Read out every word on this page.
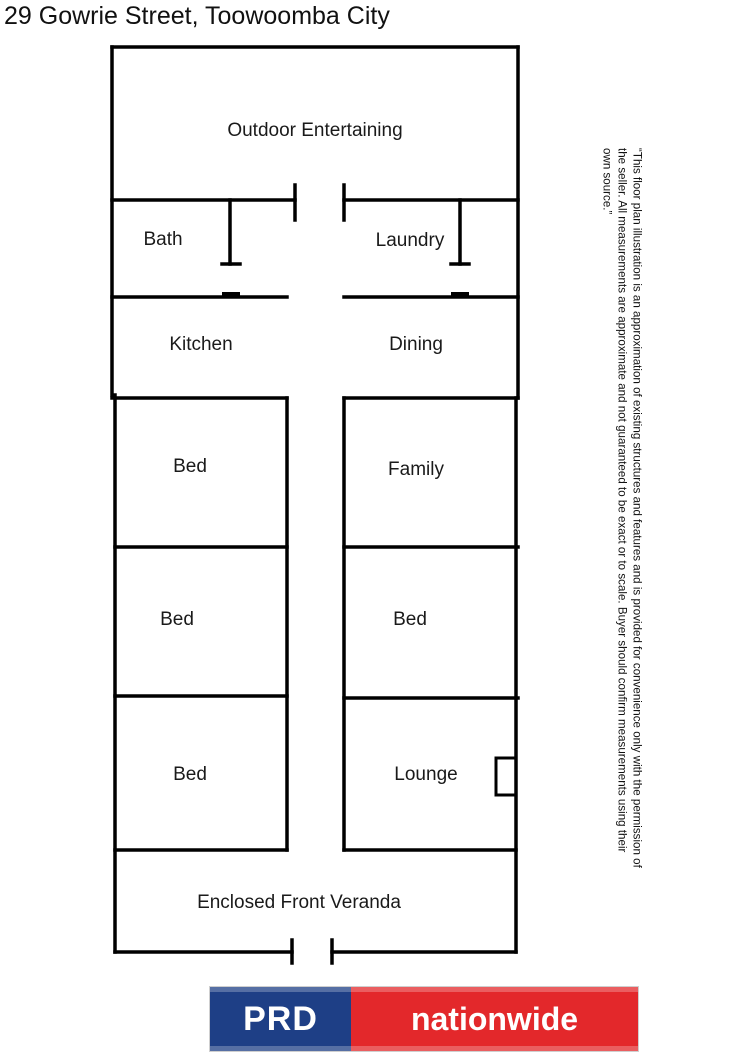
29 Gowrie Street, Toowoomba City
Outdoor Entertaining
Bath	Laundry
Kitchen	Dining
Bed	Family
Bed	Bed
Bed	Lounge
Enclosed Front Veranda
“This floor plan illustration is an approximation of existing structures and features and is provided for convenience only with the permission of the seller. All measurements are approximate and not guaranteed to be exact or to scale. Buyer should confirm measurements using their own source.”
PRD	nationwide
